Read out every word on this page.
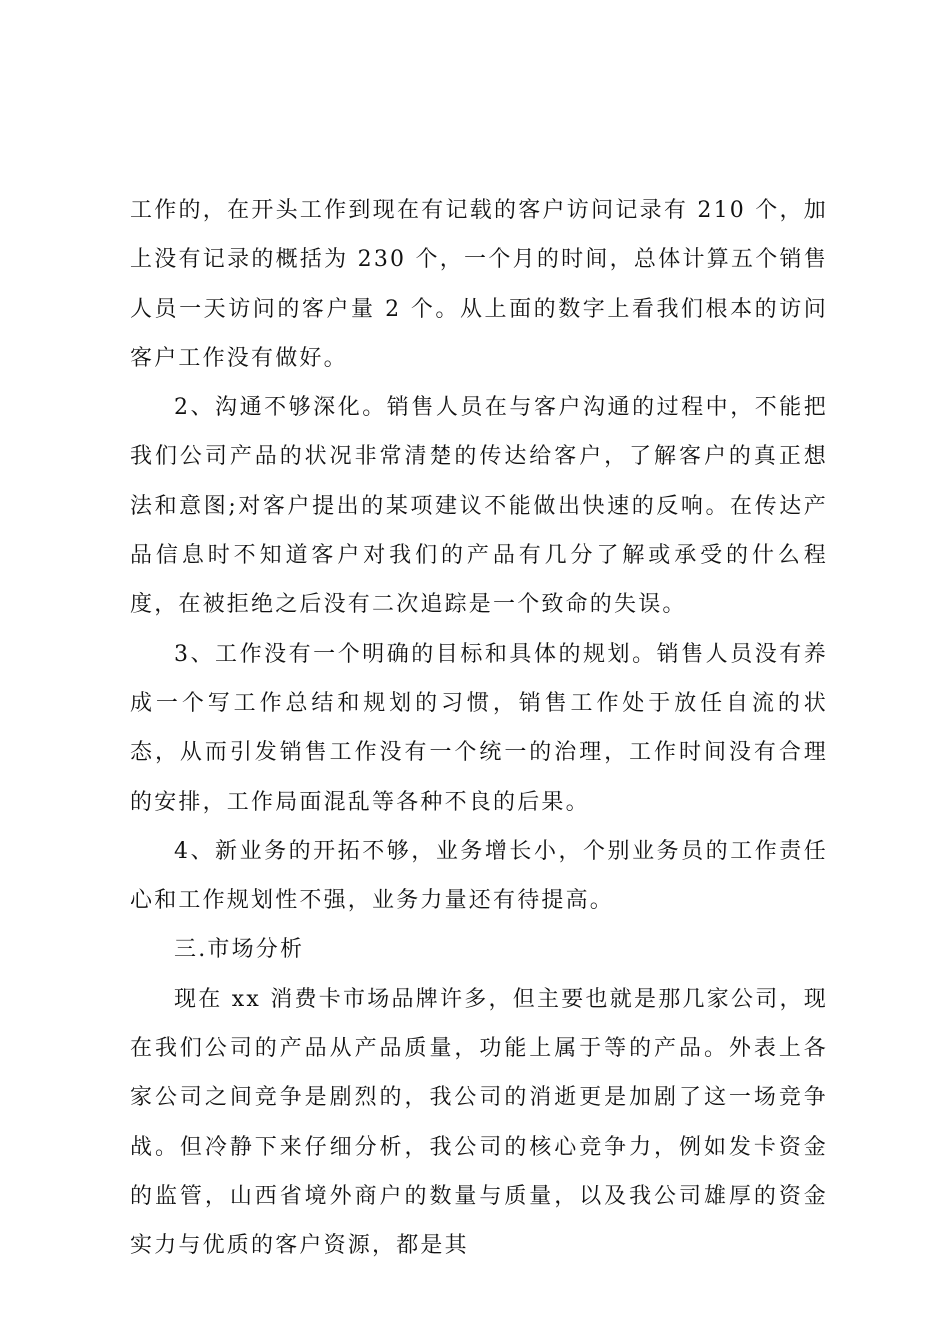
工作的，在开头工作到现在有记载的客户访问记录有 210 个，加上没有记录的概括为 230 个，一个月的时间，总体计算五个销售人员一天访问的客户量 2 个。从上面的数字上看我们根本的访问客户工作没有做好。

2、沟通不够深化。销售人员在与客户沟通的过程中，不能把我们公司产品的状况非常清楚的传达给客户，了解客户的真正想法和意图;对客户提出的某项建议不能做出快速的反响。在传达产品信息时不知道客户对我们的产品有几分了解或承受的什么程度，在被拒绝之后没有二次追踪是一个致命的失误。

3、工作没有一个明确的目标和具体的规划。销售人员没有养成一个写工作总结和规划的习惯，销售工作处于放任自流的状态，从而引发销售工作没有一个统一的治理，工作时间没有合理的安排，工作局面混乱等各种不良的后果。

4、新业务的开拓不够，业务增长小，个别业务员的工作责任心和工作规划性不强，业务力量还有待提高。

三.市场分析

现在 xx 消费卡市场品牌许多，但主要也就是那几家公司，现在我们公司的产品从产品质量，功能上属于等的产品。外表上各家公司之间竞争是剧烈的，我公司的消逝更是加剧了这一场竞争战。但冷静下来仔细分析，我公司的核心竞争力，例如发卡资金的监管，山西省境外商户的数量与质量，以及我公司雄厚的资金实力与优质的客户资源，都是其
